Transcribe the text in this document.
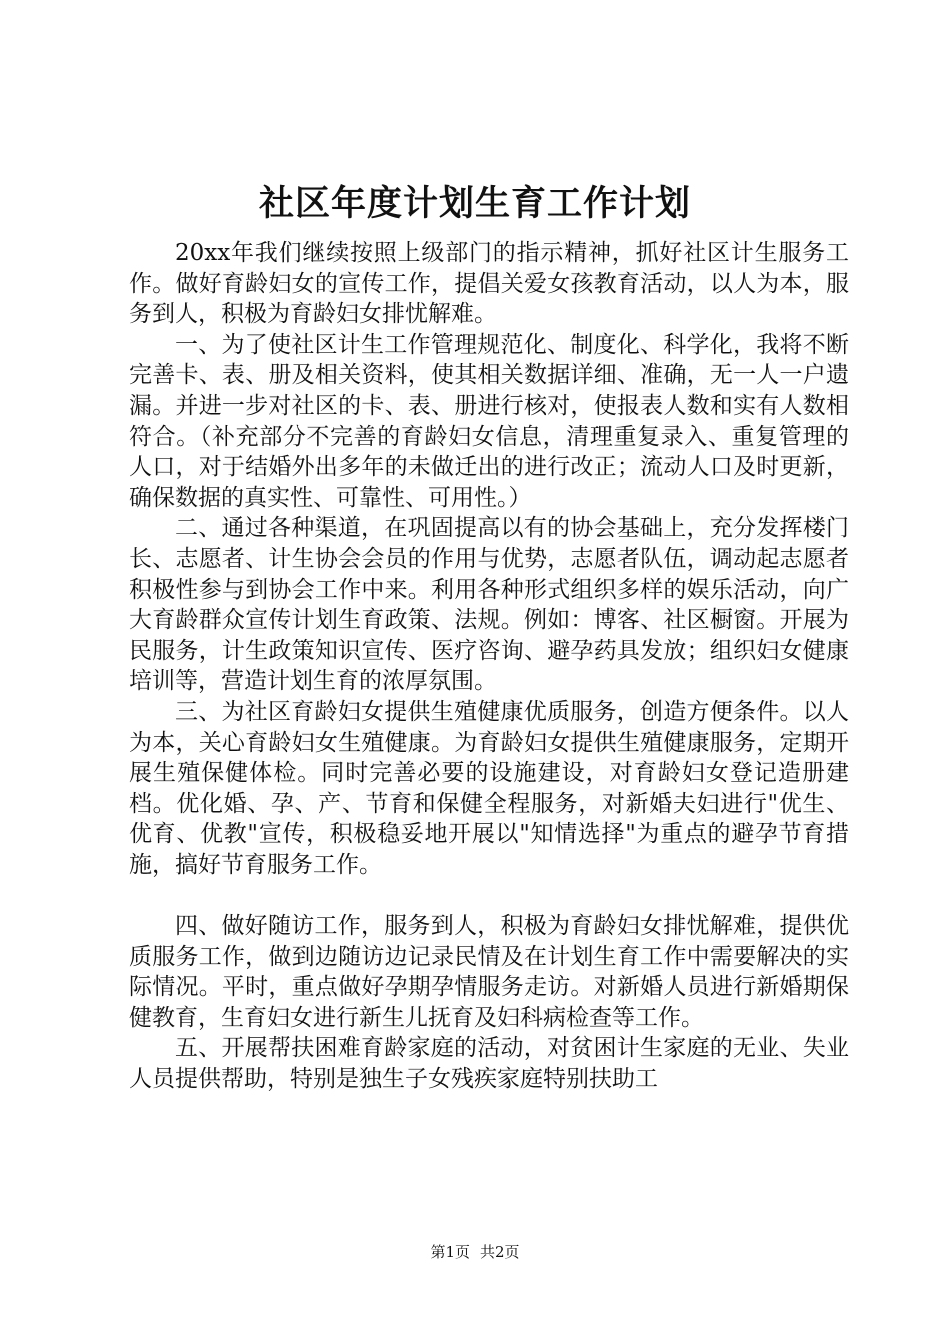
社区年度计划生育工作计划

20xx年我们继续按照上级部门的指示精神，抓好社区计生服务工作。做好育龄妇女的宣传工作，提倡关爱女孩教育活动，以人为本，服务到人，积极为育龄妇女排忧解难。

一、为了使社区计生工作管理规范化、制度化、科学化，我将不断完善卡、表、册及相关资料，使其相关数据详细、准确，无一人一户遗漏。并进一步对社区的卡、表、册进行核对，使报表人数和实有人数相符合。（补充部分不完善的育龄妇女信息，清理重复录入、重复管理的人口，对于结婚外出多年的未做迁出的进行改正；流动人口及时更新，确保数据的真实性、可靠性、可用性。）

二、通过各种渠道，在巩固提高以有的协会基础上，充分发挥楼门长、志愿者、计生协会会员的作用与优势，志愿者队伍，调动起志愿者积极性参与到协会工作中来。利用各种形式组织多样的娱乐活动，向广大育龄群众宣传计划生育政策、法规。例如：博客、社区橱窗。开展为民服务，计生政策知识宣传、医疗咨询、避孕药具发放；组织妇女健康培训等，营造计划生育的浓厚氛围。

三、为社区育龄妇女提供生殖健康优质服务，创造方便条件。以人为本，关心育龄妇女生殖健康。为育龄妇女提供生殖健康服务，定期开展生殖保健体检。同时完善必要的设施建设，对育龄妇女登记造册建档。优化婚、孕、产、节育和保健全程服务，对新婚夫妇进行"优生、优育、优教"宣传，积极稳妥地开展以"知情选择"为重点的避孕节育措施，搞好节育服务工作。

四、做好随访工作，服务到人，积极为育龄妇女排忧解难，提供优质服务工作，做到边随访边记录民情及在计划生育工作中需要解决的实际情况。平时，重点做好孕期孕情服务走访。对新婚人员进行新婚期保健教育，生育妇女进行新生儿抚育及妇科病检查等工作。

五、开展帮扶困难育龄家庭的活动，对贫困计生家庭的无业、失业人员提供帮助，特别是独生子女残疾家庭特别扶助工

第1页 共2页
